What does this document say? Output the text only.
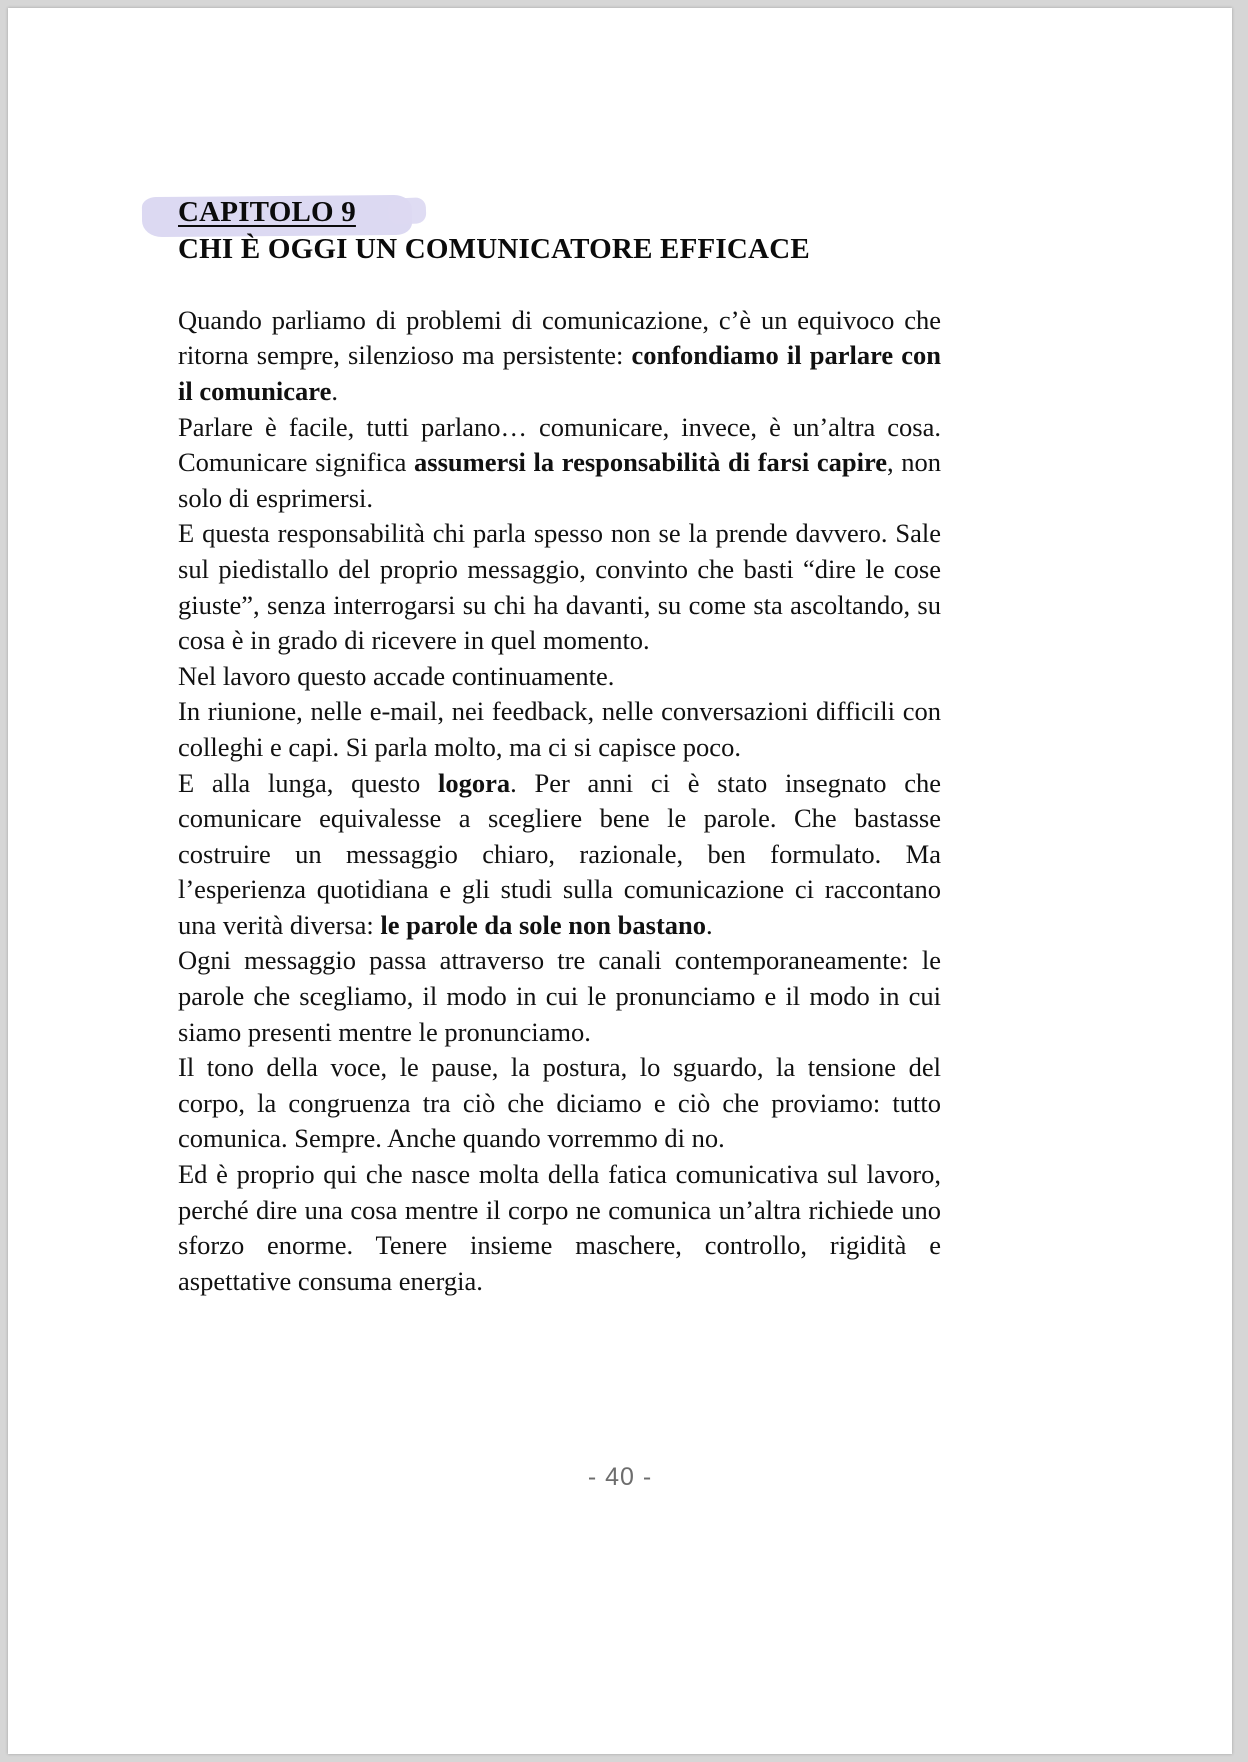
CAPITOLO 9
CHI È OGGI UN COMUNICATORE EFFICACE

Quando parliamo di problemi di comunicazione, c’è un equivoco che ritorna sempre, silenzioso ma persistente: confondiamo il parlare con il comunicare.

Parlare è facile, tutti parlano… comunicare, invece, è un’altra cosa. Comunicare significa assumersi la responsabilità di farsi capire, non solo di esprimersi.

E questa responsabilità chi parla spesso non se la prende davvero. Sale sul piedistallo del proprio messaggio, convinto che basti “dire le cose giuste”, senza interrogarsi su chi ha davanti, su come sta ascoltando, su cosa è in grado di ricevere in quel momento.

Nel lavoro questo accade continuamente.

In riunione, nelle e-mail, nei feedback, nelle conversazioni difficili con colleghi e capi. Si parla molto, ma ci si capisce poco.

E alla lunga, questo logora. Per anni ci è stato insegnato che comunicare equivalesse a scegliere bene le parole. Che bastasse costruire un messaggio chiaro, razionale, ben formulato. Ma l’esperienza quotidiana e gli studi sulla comunicazione ci raccontano una verità diversa: le parole da sole non bastano.

Ogni messaggio passa attraverso tre canali contemporaneamente: le parole che scegliamo, il modo in cui le pronunciamo e il modo in cui siamo presenti mentre le pronunciamo.

Il tono della voce, le pause, la postura, lo sguardo, la tensione del corpo, la congruenza tra ciò che diciamo e ciò che proviamo: tutto comunica. Sempre. Anche quando vorremmo di no.

Ed è proprio qui che nasce molta della fatica comunicativa sul lavoro, perché dire una cosa mentre il corpo ne comunica un’altra richiede uno sforzo enorme. Tenere insieme maschere, controllo, rigidità e aspettative consuma energia.

- 40 -
